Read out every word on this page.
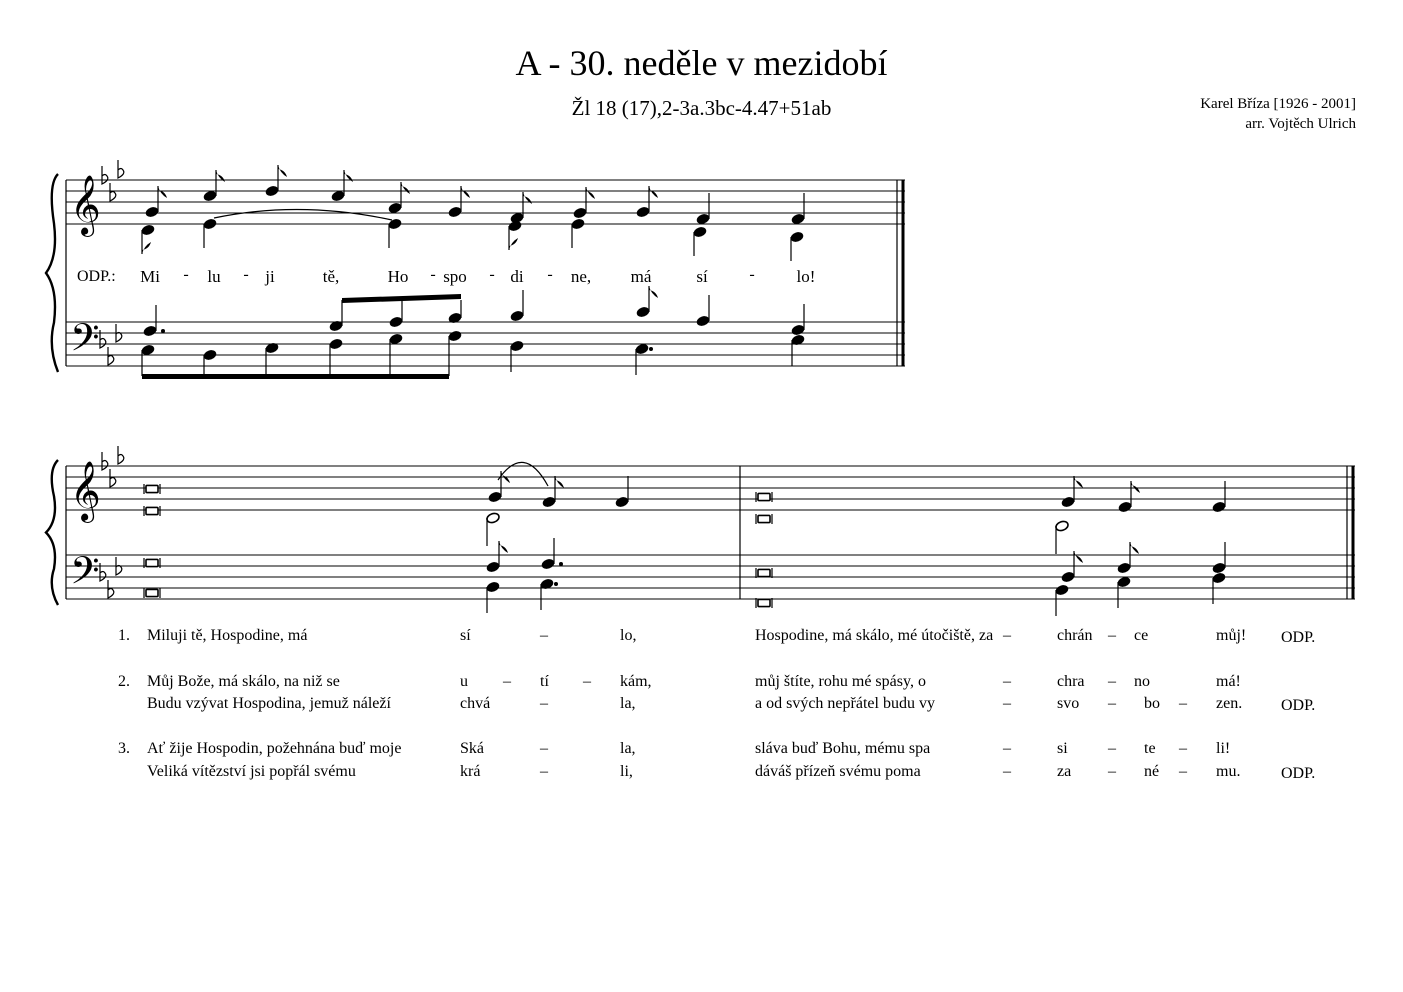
A - 30. neděle v mezidobí
Žl 18 (17),2-3a.3bc-4.47+51ab	Karel Bříza [1926 - 2001]
arr. Vojtěch Ulrich
𝄞
𝄢
𝄞
𝄢
ODP.: Mi	lu	ji	tě,	Ho spo	di	ne, má	sí	lo!
-	-	-	-	-	-
1. Miluji tě, Hospodine, má	sí	–	lo,	Hospodine, má skálo, mé útočiště, za –	chrán – ce	můj! ODP.
2. Můj Bože, má skálo, na niž se	u – tí – kám,	můj štíte, rohu mé spásy, o	–	chra – no	má!
Budu vzývat Hospodina, jemuž náleží	chvá	–	la,	a od svých nepřátel budu vy	–	svo – bo – zen. ODP.
3. Ať žije Hospodin, požehnána buď moje	Ská	–	la,	sláva buď Bohu, mému spa	–	si	– te – li!
Veliká vítězství jsi popřál svému	krá	–	li,	dáváš přízeň svému poma	–	za – né – mu.	ODP.
